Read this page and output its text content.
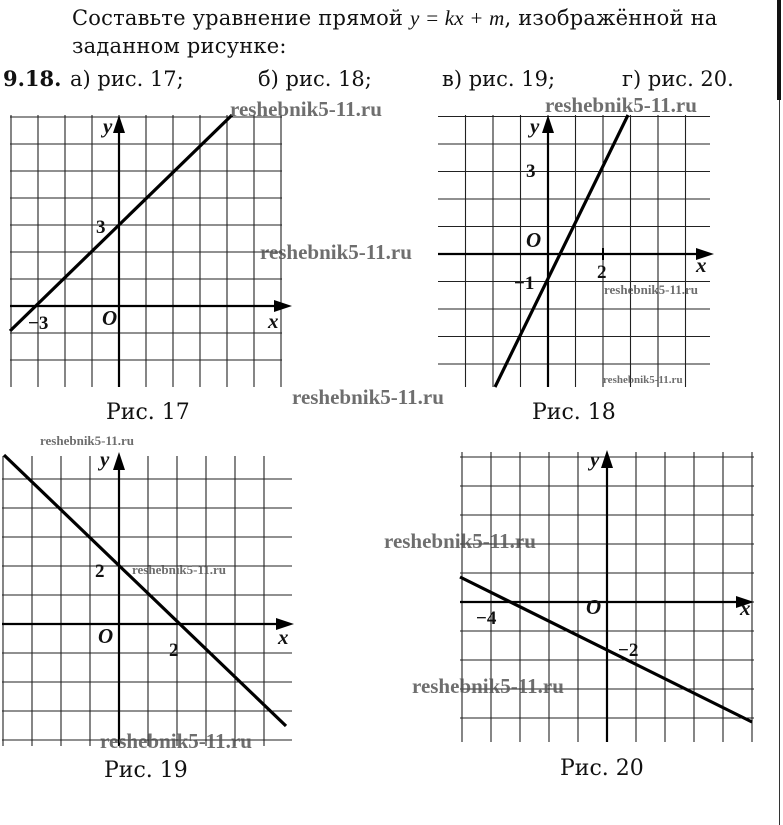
Составьте уравнение прямой y = kx + m, изображённой на заданном рисунке:
9.18. а) рис. 17;	б) рис. 18;	в) рис. 19;	г) рис. 20.
y
x
O
3
−3
Рис. 17
y
x
O
3
−1
2
Рис. 18
y
x
O
2
2
Рис. 19
y
x
O
−4
−2
Рис. 20
reshebnik5-11.ru	reshebnik5-11.ru
reshebnik5-11.ru
reshebnik5-11.ru
reshebnik5-11.ru
reshebnik5-11.ru
reshebnik5-11.ru
reshebnik5-11.ru
reshebnik5-11.ru
reshebnik5-11.ru
reshebnik5-11.ru
